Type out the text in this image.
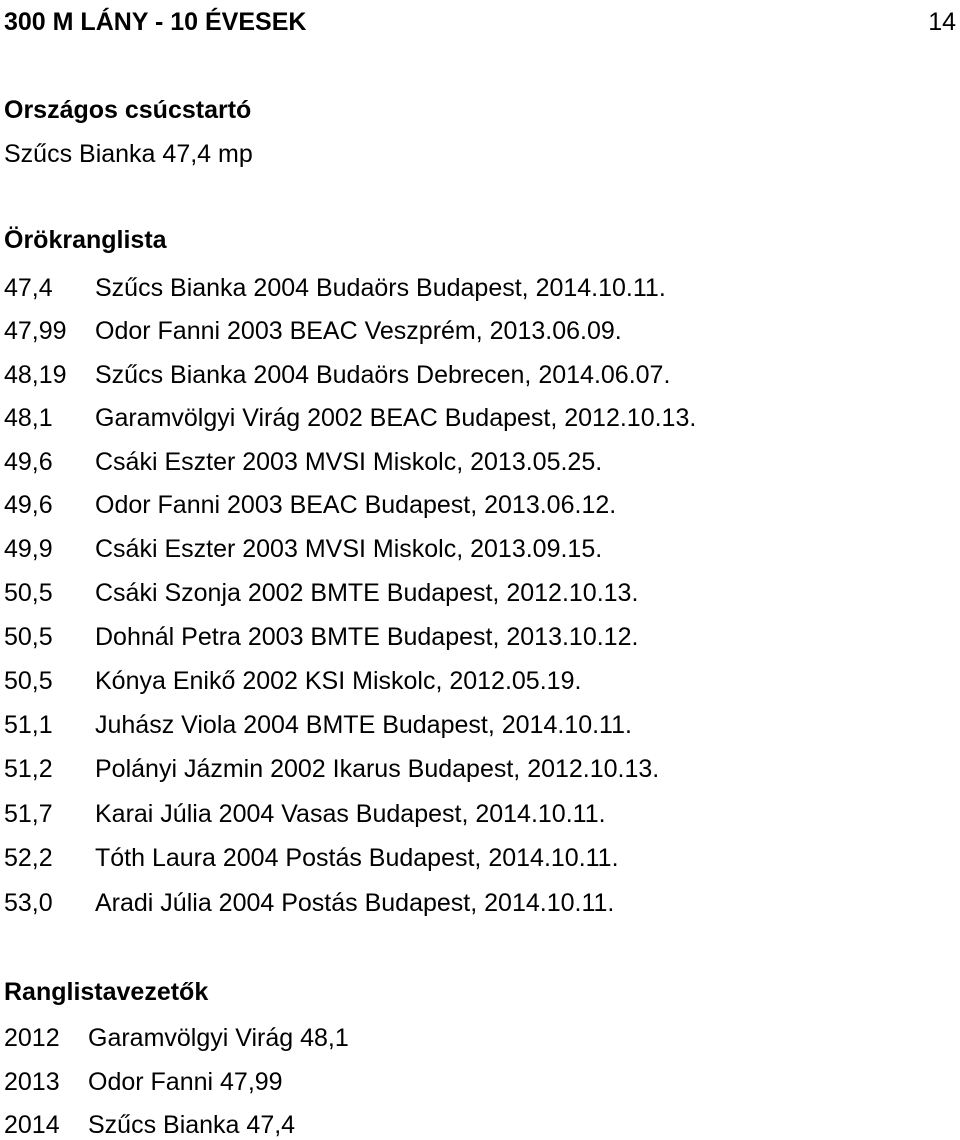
300 M LÁNY - 10 ÉVESEK	14
Országos csúcstartó
Szűcs Bianka 47,4 mp
Örökranglista
47,4 Szűcs Bianka 2004 Budaörs Budapest, 2014.10.11.
47,99 Odor Fanni 2003 BEAC Veszprém, 2013.06.09.
48,19 Szűcs Bianka 2004 Budaörs Debrecen, 2014.06.07.
48,1 Garamvölgyi Virág 2002 BEAC Budapest, 2012.10.13.
49,6 Csáki Eszter 2003 MVSI Miskolc, 2013.05.25.
49,6 Odor Fanni 2003 BEAC Budapest, 2013.06.12.
49,9 Csáki Eszter 2003 MVSI Miskolc, 2013.09.15.
50,5 Csáki Szonja 2002 BMTE Budapest, 2012.10.13.
50,5 Dohnál Petra 2003 BMTE Budapest, 2013.10.12.
50,5 Kónya Enikő 2002 KSI Miskolc, 2012.05.19.
51,1 Juhász Viola 2004 BMTE Budapest, 2014.10.11.
51,2 Polányi Jázmin 2002 Ikarus Budapest, 2012.10.13.
51,7 Karai Júlia 2004 Vasas Budapest, 2014.10.11.
52,2 Tóth Laura 2004 Postás Budapest, 2014.10.11.
53,0 Aradi Júlia 2004 Postás Budapest, 2014.10.11.
Ranglistavezetők
2012 Garamvölgyi Virág 48,1
2013 Odor Fanni 47,99
2014 Szűcs Bianka 47,4
